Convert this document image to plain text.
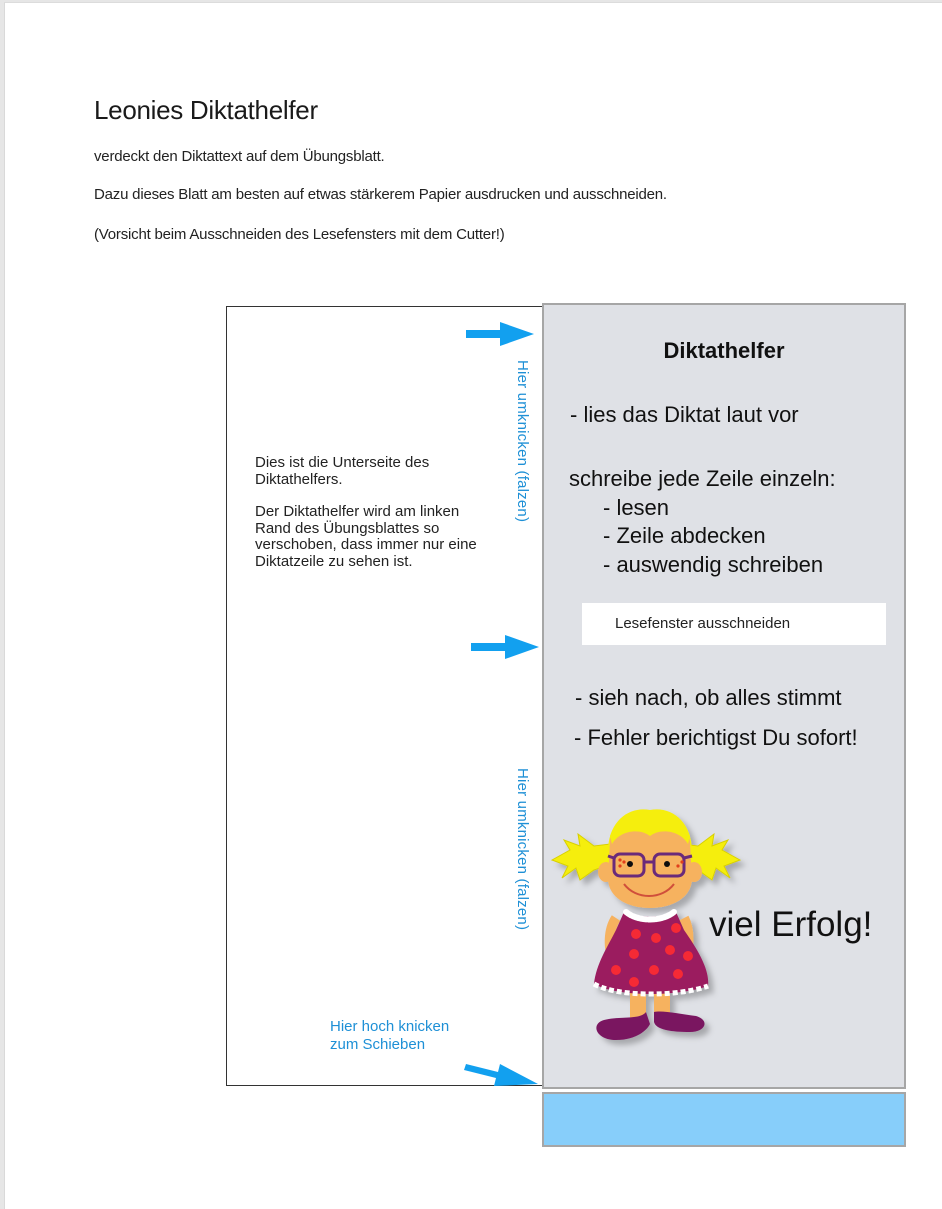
Leonies Diktathelfer
verdeckt den Diktattext auf dem Übungsblatt.
Dazu dieses Blatt am besten auf etwas stärkerem Papier ausdrucken und ausschneiden.
(Vorsicht beim Ausschneiden des Lesefensters mit dem Cutter!)

Dies ist die Unterseite des Diktathelfers.

Der Diktathelfer wird am linken Rand des Übungsblattes so verschoben, dass immer nur eine Diktatzeile zu sehen ist.

Hier umknicken (falzen)
Hier umknicken (falzen)
Hier hoch knicken
zum Schieben
Diktathelfer
- lies das Diktat laut vor
schreibe jede Zeile einzeln:
- lesen
- Zeile abdecken
- auswendig schreiben
Lesefenster ausschneiden
- sieh nach, ob alles stimmt
- Fehler berichtigst Du sofort!
viel Erfolg!
